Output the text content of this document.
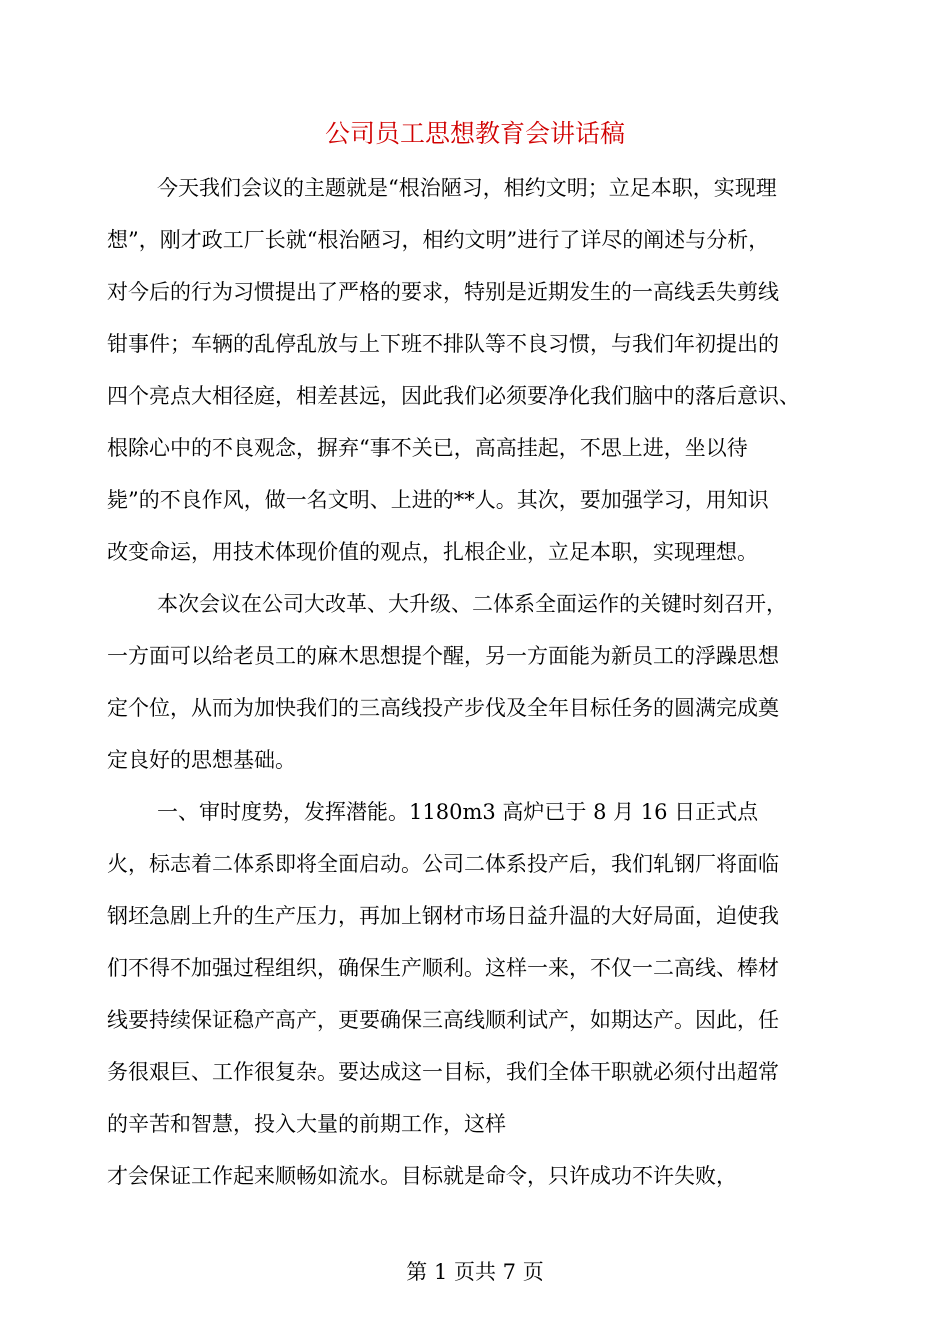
公司员工思想教育会讲话稿
今天我们会议的主题就是“根治陋习，相约文明；立足本职，实现理
想”，刚才政工厂长就“根治陋习，相约文明”进行了详尽的阐述与分析，
对今后的行为习惯提出了严格的要求，特别是近期发生的一高线丢失剪线
钳事件；车辆的乱停乱放与上下班不排队等不良习惯，与我们年初提出的
四个亮点大相径庭，相差甚远，因此我们必须要净化我们脑中的落后意识、
根除心中的不良观念，摒弃“事不关已，高高挂起，不思上进，坐以待
毙”的不良作风，做一名文明、上进的**人。其次，要加强学习，用知识
改变命运，用技术体现价值的观点，扎根企业，立足本职，实现理想。
本次会议在公司大改革、大升级、二体系全面运作的关键时刻召开，
一方面可以给老员工的麻木思想提个醒，另一方面能为新员工的浮躁思想
定个位，从而为加快我们的三高线投产步伐及全年目标任务的圆满完成奠
定良好的思想基础。
一、审时度势，发挥潜能。1180m3 高炉已于 8 月 16 日正式点
火，标志着二体系即将全面启动。公司二体系投产后，我们轧钢厂将面临
钢坯急剧上升的生产压力，再加上钢材市场日益升温的大好局面，迫使我
们不得不加强过程组织，确保生产顺利。这样一来，不仅一二高线、棒材
线要持续保证稳产高产，更要确保三高线顺利试产，如期达产。因此，任
务很艰巨、工作很复杂。要达成这一目标，我们全体干职就必须付出超常
的辛苦和智慧，投入大量的前期工作，这样
才会保证工作起来顺畅如流水。目标就是命令，只许成功不许失败，
第 1 页共 7 页
